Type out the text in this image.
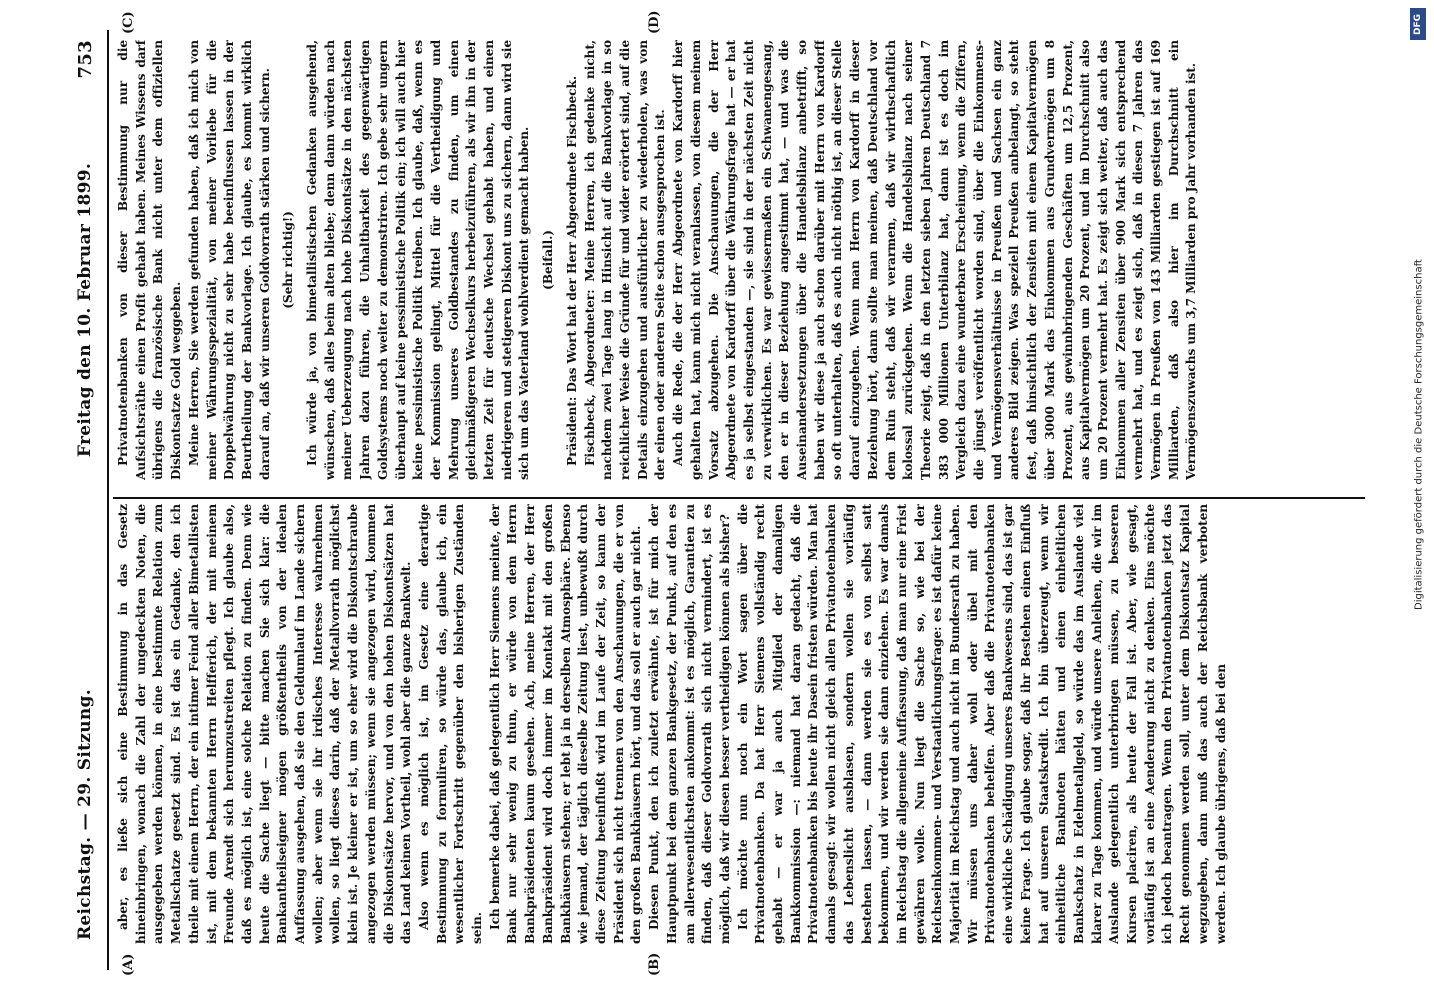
Reichstag. — 29. Sitzung.
Freitag den 10. Februar 1899.
753
(A)	(B)
(C)	(D)

aber, es ließe sich eine Bestimmung in das Gesetz hineinbringen, wonach die Zahl der ungedeckten Noten, die ausgegeben werden können, in eine bestimmte Relation zum Metallschatze gesetzt sind. Es ist das ein Gedanke, den ich theile mit einem Herrn, der ein intimer Feind aller Bimetallisten ist, mit dem bekannten Herrn Helfferich, der mit meinem Freunde Arendt sich herumzustreiten pflegt. Ich glaube also, daß es möglich ist, eine solche Relation zu finden. Denn wie heute die Sache liegt — bitte machen Sie sich klar: die Bankantheilseigner mögen größtentheils von der idealen Auffassung ausgehen, daß sie den Geldumlauf im Lande sichern wollen; aber wenn sie ihr irdisches Interesse wahrnehmen wollen, so liegt dieses darin, daß der Metallvorrath möglichst klein ist. Je kleiner er ist, um so eher wird die Diskontschraube angezogen werden müssen; wenn sie angezogen wird, kommen die Diskontsätze hervor, und von den hohen Diskontsätzen hat das Land keinen Vortheil, wohl aber die ganze Bankwelt. Also wenn es möglich ist, im Gesetz eine derartige Bestimmung zu formuliren, so würde das, glaube ich, ein wesentlicher Fortschritt gegenüber den bisherigen Zuständen sein. Ich bemerke dabei, daß gelegentlich Herr Siemens meinte, der Bank nur sehr wenig zu thun, er würde von dem Herrn Bankpräsidenten kaum gesehen. Ach, meine Herren, der Herr Bankpräsident wird doch immer im Kontakt mit den großen Bankhäusern stehen; er lebt ja in derselben Atmosphäre. Ebenso wie jemand, der täglich dieselbe Zeitung liest, unbewußt durch diese Zeitung beeinflußt wird im Laufe der Zeit, so kann der Präsident sich nicht trennen von den Anschauungen, die er von den großen Bankhäusern hört, und das soll er auch gar nicht. Diesen Punkt, den ich zuletzt erwähnte, ist für mich der Hauptpunkt bei dem ganzen Bankgesetz, der Punkt, auf den es am allerwesentlichsten ankommt: ist es möglich, Garantien zu finden, daß dieser Goldvorrath sich nicht vermindert, ist es möglich, daß wir diesen besser vertheidigen können als bisher? Ich möchte nun noch ein Wort sagen über die Privatnotenbanken. Da hat Herr Siemens vollständig recht gehabt — er war ja auch Mitglied der damaligen Bankkommission —: niemand hat daran gedacht, daß die Privatnotenbanken bis heute ihr Dasein fristen würden. Man hat damals gesagt: wir wollen nicht gleich allen Privatnotenbanken das Lebenslicht ausblasen, sondern wollen sie vorläufig bestehen lassen, — dann werden sie es von selbst satt bekommen, und wir werden sie dann einziehen. Es war damals im Reichstag die allgemeine Auffassung, daß man nur eine Frist gewähren wolle. Nun liegt die Sache so, wie bei der Reichseinkommen- und Verstaatlichungsfrage: es ist dafür keine Majorität im Reichstag und auch nicht im Bundesrath zu haben. Wir müssen uns daher wohl oder übel mit den Privatnotenbanken behelfen. Aber daß die Privatnotenbanken eine wirkliche Schädigung unseres Bankwesens sind, das ist gar keine Frage. Ich glaube sogar, daß ihr Bestehen einen Einfluß hat auf unseren Staatskredit. Ich bin überzeugt, wenn wir einheitliche Banknoten hätten und einen einheitlichen Bankschatz in Edelmetallgeld, so würde das im Auslande viel klarer zu Tage kommen, und würde unsere Anleihen, die wir im Auslande gelegentlich unterbringen müssen, zu besseren Kursen placiren, als heute der Fall ist. Aber, wie gesagt, vorläufig ist an eine Aenderung nicht zu denken. Eins möchte ich jedoch beantragen. Wenn den Privatnotenbanken jetzt das Recht genommen werden soll, unter dem Diskontsatz Kapital wegzugeben, dann muß das auch der Reichsbank verboten werden. Ich glaube übrigens, daß bei den

Privatnotenbanken von dieser Bestimmung nur die Aufsichtsräthe einen Profit gehabt haben. Meines Wissens darf übrigens die französische Bank nicht unter dem offiziellen Diskontsatze Gold weggeben. Meine Herren, Sie werden gefunden haben, daß ich mich von meiner Währungsspezialität, von meiner Vorliebe für die Doppelwährung nicht zu sehr habe beeinflussen lassen in der Beurtheilung der Bankvorlage. Ich glaube, es kommt wirklich darauf an, daß wir unseren Goldvorrath stärken und sichern. (Sehr richtig!) Ich würde ja, von bimetallistischen Gedanken ausgehend, wünschen, daß alles beim alten bliebe; denn dann würden nach meiner Ueberzeugung nach hohe Diskontsätze in den nächsten Jahren dazu führen, die Unhaltbarkeit des gegenwärtigen Goldsystems noch weiter zu demonstriren. Ich gebe sehr ungern überhaupt auf keine pessimistische Politik ein; ich will auch hier keine pessimistische Politik treiben. Ich glaube, daß, wenn es der Kommission gelingt, Mittel für die Vertheidigung und Mehrung unseres Goldbestandes zu finden, um einen gleichmäßigeren Wechselkurs herbeizuführen, als wir ihn in der letzten Zeit für deutsche Wechsel gehabt haben, und einen niedrigeren und stetigeren Diskont uns zu sichern, dann wird sie sich um das Vaterland wohlverdient gemacht haben. (Beifall.) Präsident: Das Wort hat der Herr Abgeordnete Fischbeck. Fischbeck, Abgeordneter: Meine Herren, ich gedenke nicht, nachdem zwei Tage lang in Hinsicht auf die Bankvorlage in so reichlicher Weise die Gründe für und wider erörtert sind, auf die Details einzugehen und ausführlicher zu wiederholen, was von der einen oder anderen Seite schon ausgesprochen ist. Auch die Rede, die der Herr Abgeordnete von Kardorff hier gehalten hat, kann mich nicht veranlassen, von diesem meinem Vorsatz abzugehen. Die Anschauungen, die der Herr Abgeordnete von Kardorff über die Währungsfrage hat — er hat es ja selbst eingestanden —, sie sind in der nächsten Zeit nicht zu verwirklichen. Es war gewissermaßen ein Schwanengesang, den er in dieser Beziehung angestimmt hat, — und was die Auseinandersetzungen über die Handelsbilanz anbetrifft, so haben wir diese ja auch schon darüber mit Herrn von Kardorff so oft unterhalten, daß es auch nicht nöthig ist, an dieser Stelle darauf einzugehen. Wenn man Herrn von Kardorff in dieser Beziehung hört, dann sollte man meinen, daß Deutschland vor dem Ruin steht, daß wir verarmen, daß wir wirthschaftlich kolossal zurückgehen. Wenn die Handelsbilanz nach seiner Theorie zeigt, daß in den letzten sieben Jahren Deutschland 7 383 000 Millionen Unterbilanz hat, dann ist es doch im Vergleich dazu eine wunderbare Erscheinung, wenn die Ziffern, die jüngst veröffentlicht worden sind, über die Einkommens- und Vermögensverhältnisse in Preußen und Sachsen ein ganz anderes Bild zeigen. Was speziell Preußen anbelangt, so steht fest, daß hinsichtlich der Zensiten mit einem Kapitalvermögen über 3000 Mark das Einkommen aus Grundvermögen um 8 Prozent, aus gewinnbringenden Geschäften um 12,5 Prozent, aus Kapitalvermögen um 20 Prozent, und im Durchschnitt also um 20 Prozent vermehrt hat. Es zeigt sich weiter, daß auch das Einkommen aller Zensiten über 900 Mark sich entsprechend vermehrt hat, und es zeigt sich, daß in diesen 7 Jahren das Vermögen in Preußen von 143 Milliarden gestiegen ist auf 169 Milliarden, daß also hier im Durchschnitt ein Vermögenszuwachs um 3,7 Milliarden pro Jahr vorhanden ist.

DFG
Digitalisierung gefördert durch die Deutsche Forschungsgemeinschaft
